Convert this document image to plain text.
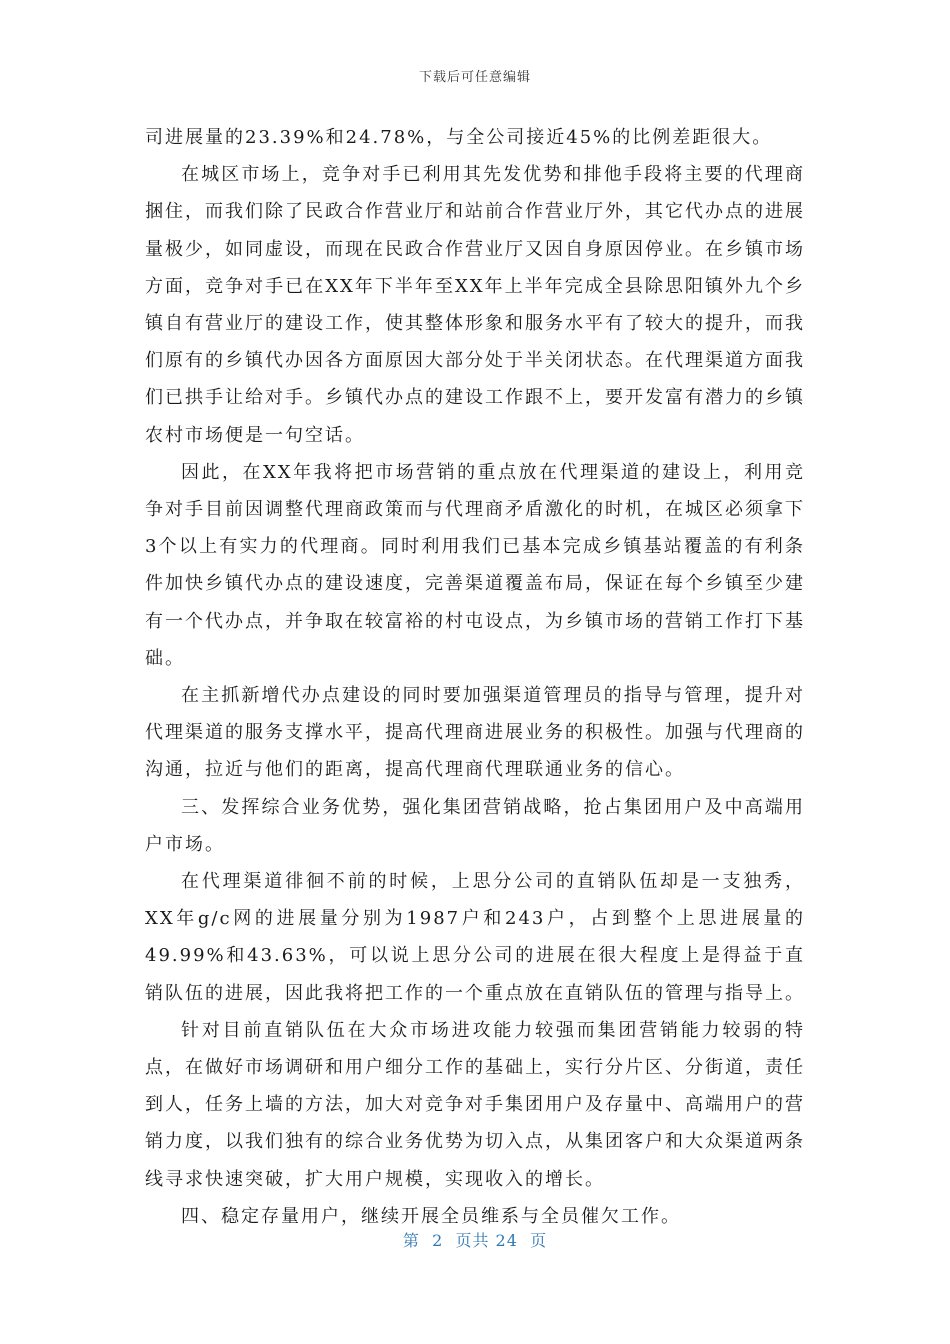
下载后可任意编辑

司进展量的23.39%和24.78%，与全公司接近45%的比例差距很大。

在城区市场上，竞争对手已利用其先发优势和排他手段将主要的代理商捆住，而我们除了民政合作营业厅和站前合作营业厅外，其它代办点的进展量极少，如同虚设，而现在民政合作营业厅又因自身原因停业。在乡镇市场方面，竞争对手已在XX年下半年至XX年上半年完成全县除思阳镇外九个乡镇自有营业厅的建设工作，使其整体形象和服务水平有了较大的提升，而我们原有的乡镇代办因各方面原因大部分处于半关闭状态。在代理渠道方面我们已拱手让给对手。乡镇代办点的建设工作跟不上，要开发富有潜力的乡镇农村市场便是一句空话。

因此，在XX年我将把市场营销的重点放在代理渠道的建设上，利用竞争对手目前因调整代理商政策而与代理商矛盾激化的时机，在城区必须拿下3个以上有实力的代理商。同时利用我们已基本完成乡镇基站覆盖的有利条件加快乡镇代办点的建设速度，完善渠道覆盖布局，保证在每个乡镇至少建有一个代办点，并争取在较富裕的村屯设点，为乡镇市场的营销工作打下基础。

在主抓新增代办点建设的同时要加强渠道管理员的指导与管理，提升对代理渠道的服务支撑水平，提高代理商进展业务的积极性。加强与代理商的沟通，拉近与他们的距离，提高代理商代理联通业务的信心。

三、发挥综合业务优势，强化集团营销战略，抢占集团用户及中高端用户市场。

在代理渠道徘徊不前的时候，上思分公司的直销队伍却是一支独秀，XX年g/c网的进展量分别为1987户和243户，占到整个上思进展量的49.99%和43.63%，可以说上思分公司的进展在很大程度上是得益于直销队伍的进展，因此我将把工作的一个重点放在直销队伍的管理与指导上。

针对目前直销队伍在大众市场进攻能力较强而集团营销能力较弱的特点，在做好市场调研和用户细分工作的基础上，实行分片区、分街道，责任到人，任务上墙的方法，加大对竞争对手集团用户及存量中、高端用户的营销力度，以我们独有的综合业务优势为切入点，从集团客户和大众渠道两条线寻求快速突破，扩大用户规模，实现收入的增长。

四、稳定存量用户，继续开展全员维系与全员催欠工作。

第  2  页共 24  页
